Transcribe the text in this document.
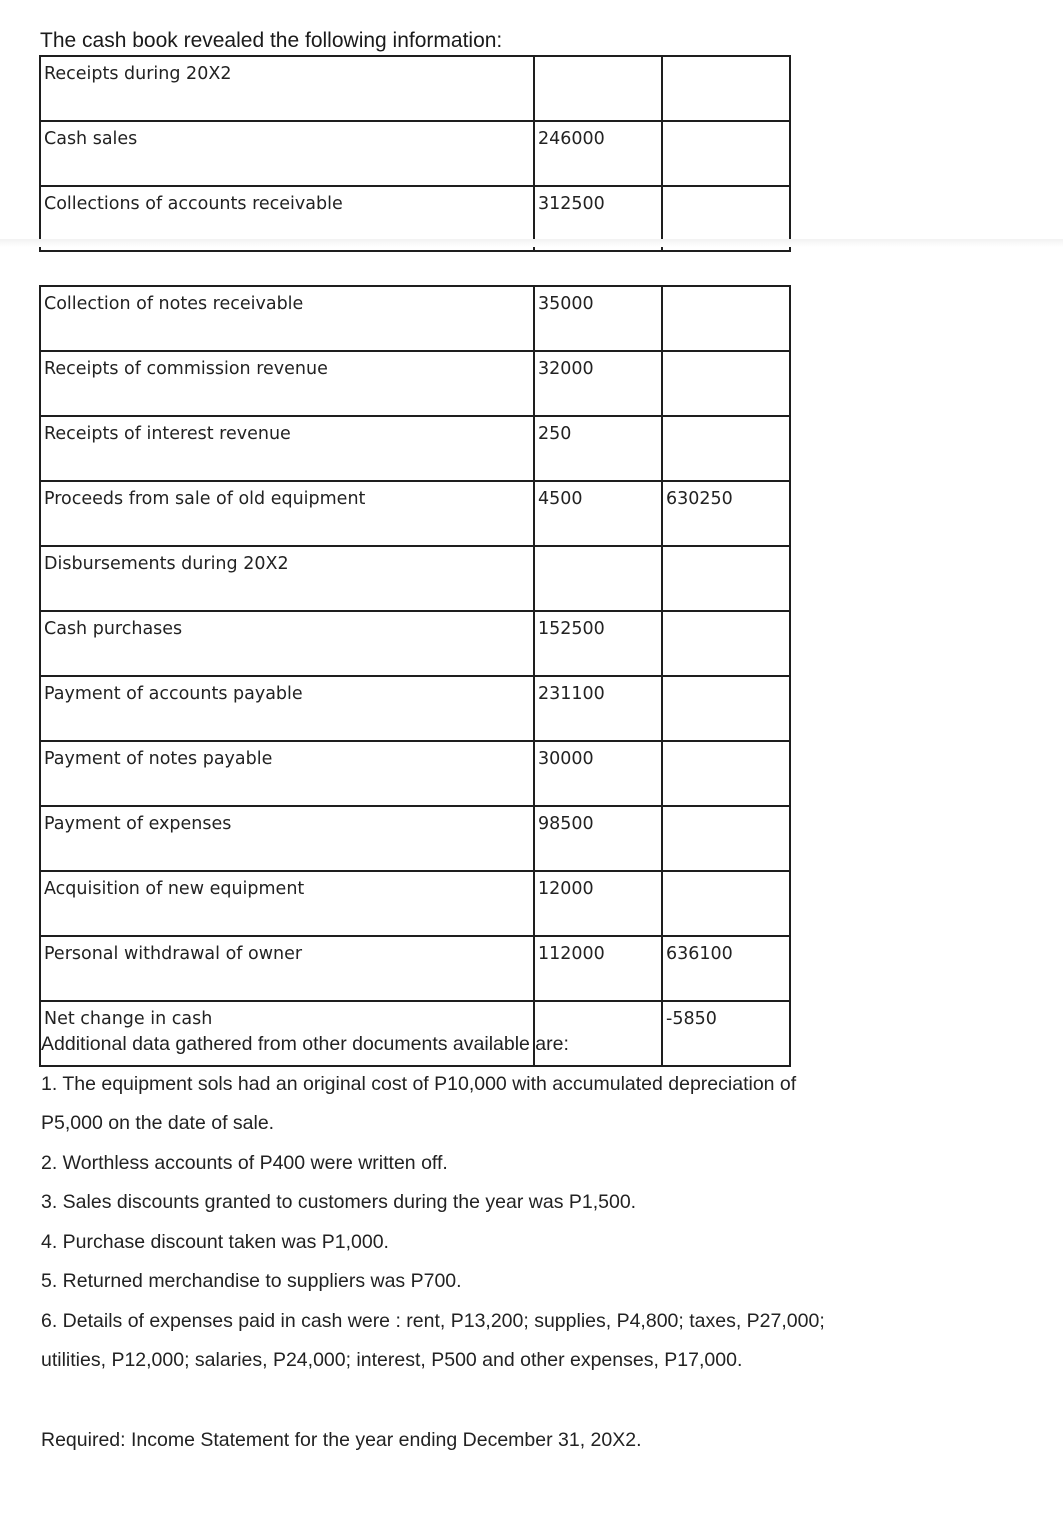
The cash book revealed the following information:
Receipts during 20X2		
Cash sales	246000	
Collections of accounts receivable	312500	
Collection of notes receivable	35000	
Receipts of commission revenue	32000	
Receipts of interest revenue	250	
Proceeds from sale of old equipment	4500	630250
Disbursements during 20X2		
Cash purchases	152500	
Payment of accounts payable	231100	
Payment of notes payable	30000	
Payment of expenses	98500	
Acquisition of new equipment	12000	
Personal withdrawal of owner	112000	636100
Net change in cash		-5850
Additional data gathered from other documents available are:
1. The equipment sols had an original cost of P10,000 with accumulated depreciation of
P5,000 on the date of sale.
2. Worthless accounts of P400 were written off.
3. Sales discounts granted to customers during the year was P1,500.
4. Purchase discount taken was P1,000.
5. Returned merchandise to suppliers was P700.
6. Details of expenses paid in cash were : rent, P13,200; supplies, P4,800; taxes, P27,000;
utilities, P12,000; salaries, P24,000; interest, P500 and other expenses, P17,000.
Required: Income Statement for the year ending December 31, 20X2.
